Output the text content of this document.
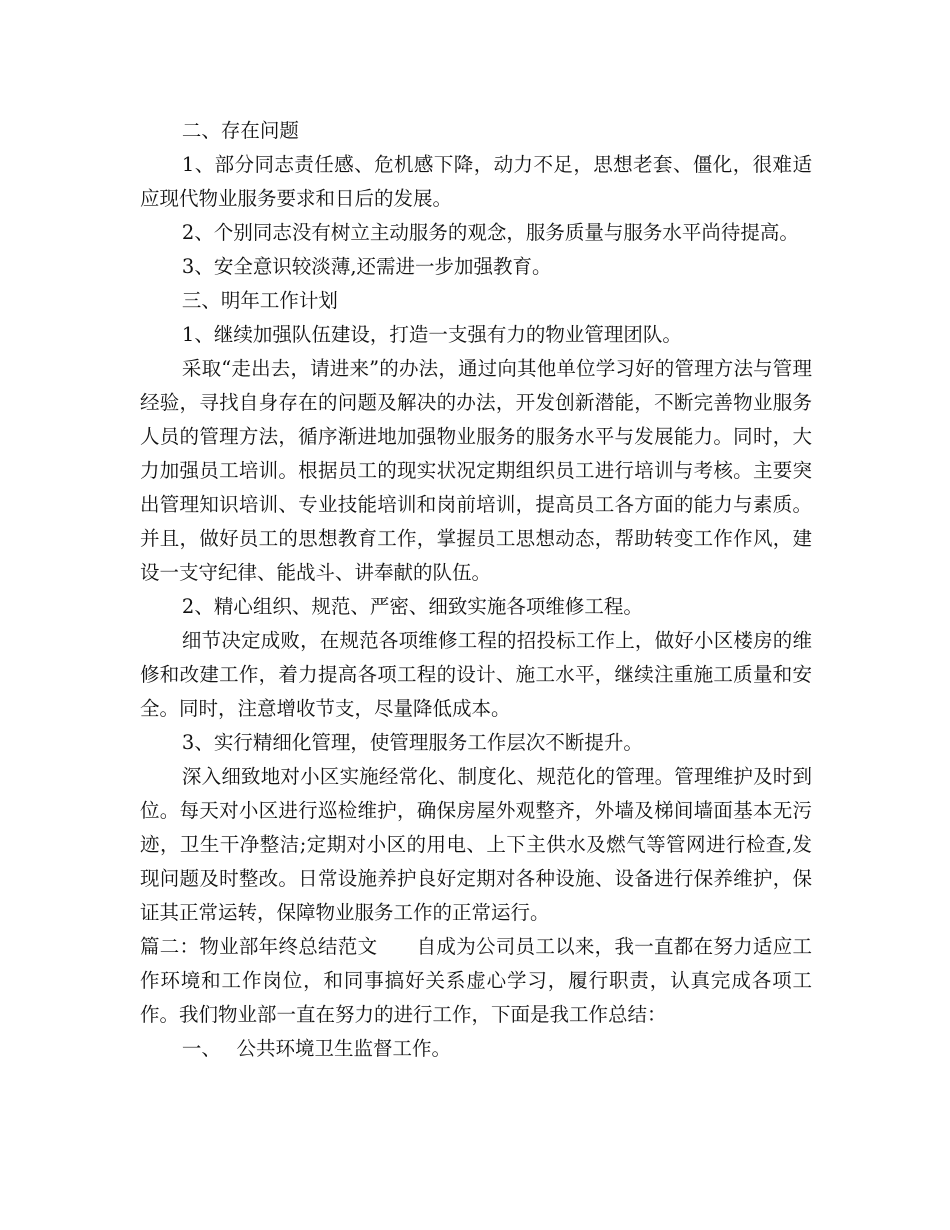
二、存在问题

1、部分同志责任感、危机感下降，动力不足，思想老套、僵化，很难适应现代物业服务要求和日后的发展。

2、个别同志没有树立主动服务的观念，服务质量与服务水平尚待提高。

3、安全意识较淡薄,还需进一步加强教育。

三、明年工作计划

1、继续加强队伍建设，打造一支强有力的物业管理团队。

采取“走出去，请进来”的办法，通过向其他单位学习好的管理方法与管理经验，寻找自身存在的问题及解决的办法，开发创新潜能，不断完善物业服务人员的管理方法，循序渐进地加强物业服务的服务水平与发展能力。同时，大力加强员工培训。根据员工的现实状况定期组织员工进行培训与考核。主要突出管理知识培训、专业技能培训和岗前培训，提高员工各方面的能力与素质。并且，做好员工的思想教育工作，掌握员工思想动态，帮助转变工作作风，建设一支守纪律、能战斗、讲奉献的队伍。

2、精心组织、规范、严密、细致实施各项维修工程。

细节决定成败，在规范各项维修工程的招投标工作上，做好小区楼房的维修和改建工作，着力提高各项工程的设计、施工水平，继续注重施工质量和安全。同时，注意增收节支，尽量降低成本。

3、实行精细化管理，使管理服务工作层次不断提升。

深入细致地对小区实施经常化、制度化、规范化的管理。管理维护及时到位。每天对小区进行巡检维护，确保房屋外观整齐，外墙及梯间墙面基本无污迹，卫生干净整洁;定期对小区的用电、上下主供水及燃气等管网进行检查,发现问题及时整改。日常设施养护良好定期对各种设施、设备进行保养维护，保证其正常运转，保障物业服务工作的正常运行。

篇二：物业部年终总结范文 自成为公司员工以来，我一直都在努力适应工作环境和工作岗位，和同事搞好关系虚心学习，履行职责，认真完成各项工作。我们物业部一直在努力的进行工作，下面是我工作总结：

一、 公共环境卫生监督工作。
